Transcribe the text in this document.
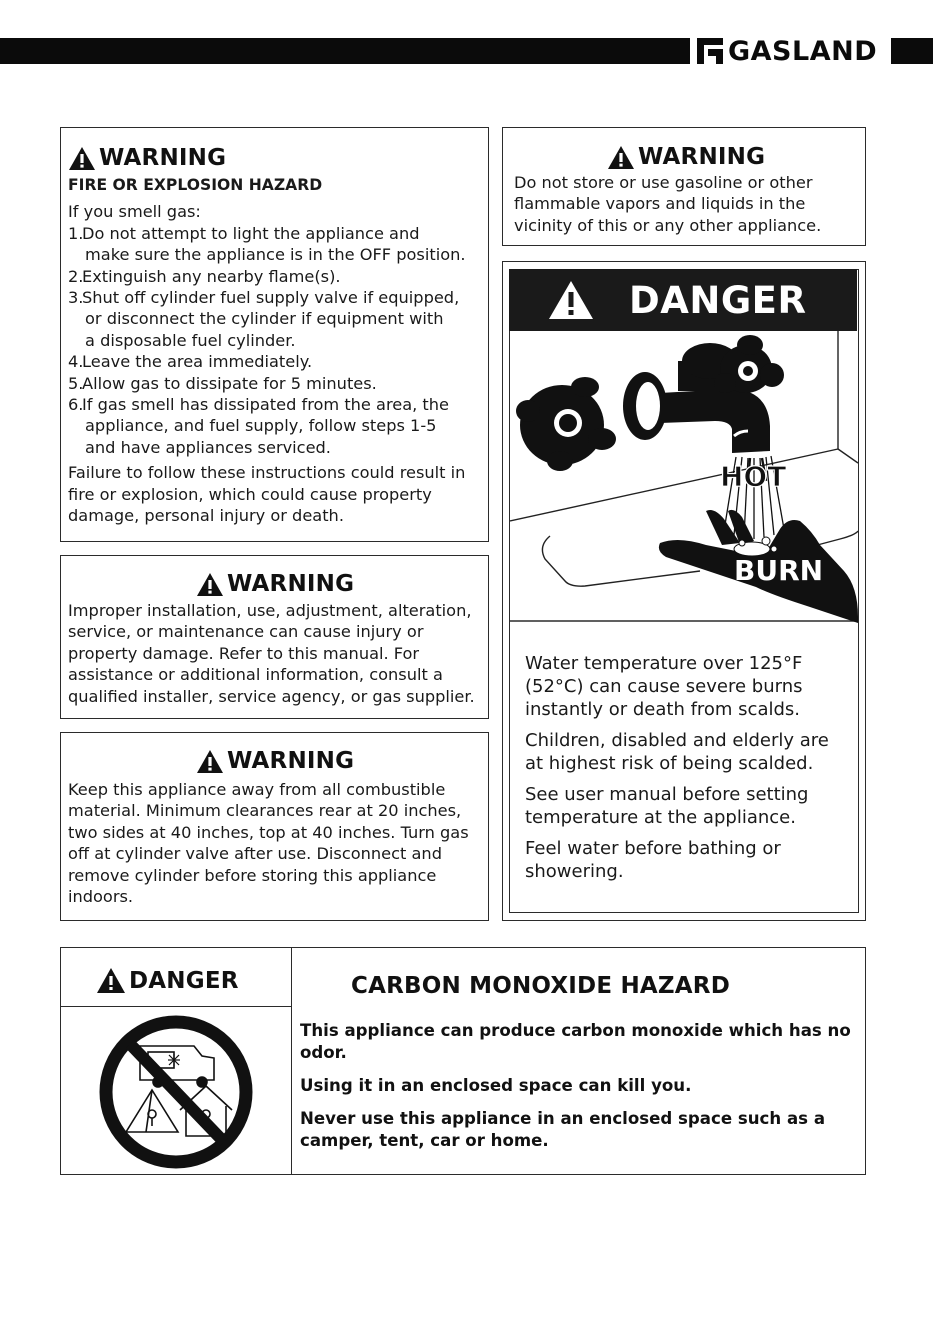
GASLAND
WARNING
FIRE OR EXPLOSION HAZARD
If you smell gas:
1.
Do not attempt to light the appliance and
make sure the appliance is in the OFF position.
2.
Extinguish any nearby flame(s).
3.
Shut off cylinder fuel supply valve if equipped,
or disconnect the cylinder if equipment with
a disposable fuel cylinder.
4.
Leave the area immediately.
5.
Allow gas to dissipate for 5 minutes.
6.
If gas smell has dissipated from the area, the
appliance, and fuel supply, follow steps 1-5
and have appliances serviced.
Failure to follow these instructions could result in
fire or explosion, which could cause property
damage, personal injury or death.
WARNING
Improper installation, use, adjustment, alteration,
service, or maintenance can cause injury or
property damage. Refer to this manual. For
assistance or additional information, consult a
qualified installer, service agency, or gas supplier.
WARNING
Keep this appliance away from all combustible
material. Minimum clearances rear at 20 inches,
two sides at 40 inches, top at 40 inches. Turn gas
off at cylinder valve after use. Disconnect and
remove cylinder before storing this appliance
indoors.
WARNING
Do not store or use gasoline or other
flammable vapors and liquids in the
vicinity of this or any other appliance.
DANGER
HOT
BURN
Water temperature over 125°F
(52°C) can cause severe burns
instantly or death from scalds.
Children, disabled and elderly are
at highest risk of being scalded.
See user manual before setting
temperature at the appliance.
Feel water before bathing or
showering.
DANGER	CARBON MONOXIDE HAZARD
This appliance can produce carbon monoxide which has no
odor.
Using it in an enclosed space can kill you.
Never use this appliance in an enclosed space such as a
camper, tent, car or home.
